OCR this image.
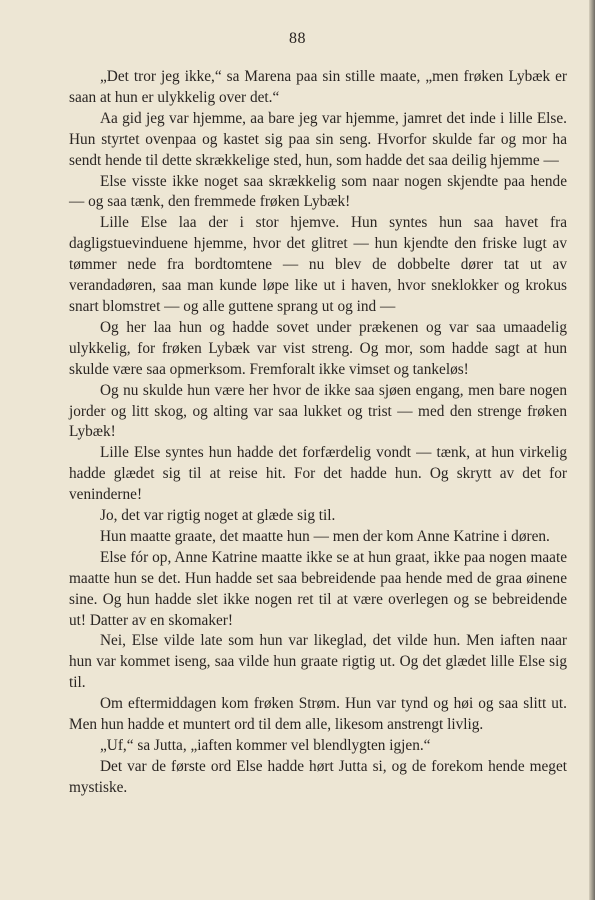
88

„Det tror jeg ikke,“ sa Marena paa sin stille maate, „men frøken Lybæk er saan at hun er ulykkelig over det.“

Aa gid jeg var hjemme, aa bare jeg var hjemme, jamret det inde i lille Else. Hun styrtet ovenpaa og kastet sig paa sin seng. Hvorfor skulde far og mor ha sendt hende til dette skrækkelige sted, hun, som hadde det saa deilig hjemme —

Else visste ikke noget saa skrækkelig som naar nogen skjendte paa hende — og saa tænk, den fremmede frøken Lybæk!

Lille Else laa der i stor hjemve. Hun syntes hun saa havet fra dagligstuevinduene hjemme, hvor det glitret — hun kjendte den friske lugt av tømmer nede fra bordtomtene — nu blev de dobbelte dører tat ut av verandadøren, saa man kunde løpe like ut i haven, hvor sneklokker og krokus snart blomstret — og alle guttene sprang ut og ind —

Og her laa hun og hadde sovet under prækenen og var saa umaadelig ulykkelig, for frøken Lybæk var vist streng. Og mor, som hadde sagt at hun skulde være saa opmerksom. Fremforalt ikke vimset og tankeløs!

Og nu skulde hun være her hvor de ikke saa sjøen engang, men bare nogen jorder og litt skog, og alting var saa lukket og trist — med den strenge frøken Lybæk!

Lille Else syntes hun hadde det forfærdelig vondt — tænk, at hun virkelig hadde glædet sig til at reise hit. For det hadde hun. Og skrytt av det for veninderne!

Jo, det var rigtig noget at glæde sig til.

Hun maatte graate, det maatte hun — men der kom Anne Katrine i døren.

Else fór op, Anne Katrine maatte ikke se at hun graat, ikke paa nogen maate maatte hun se det. Hun hadde set saa bebreidende paa hende med de graa øinene sine. Og hun hadde slet ikke nogen ret til at være overlegen og se bebreidende ut! Datter av en skomaker!

Nei, Else vilde late som hun var likeglad, det vilde hun. Men iaften naar hun var kommet iseng, saa vilde hun graate rigtig ut. Og det glædet lille Else sig til.

Om eftermiddagen kom frøken Strøm. Hun var tynd og høi og saa slitt ut. Men hun hadde et muntert ord til dem alle, likesom anstrengt livlig.

„Uf,“ sa Jutta, „iaften kommer vel blendlygten igjen.“

Det var de første ord Else hadde hørt Jutta si, og de forekom hende meget mystiske.
